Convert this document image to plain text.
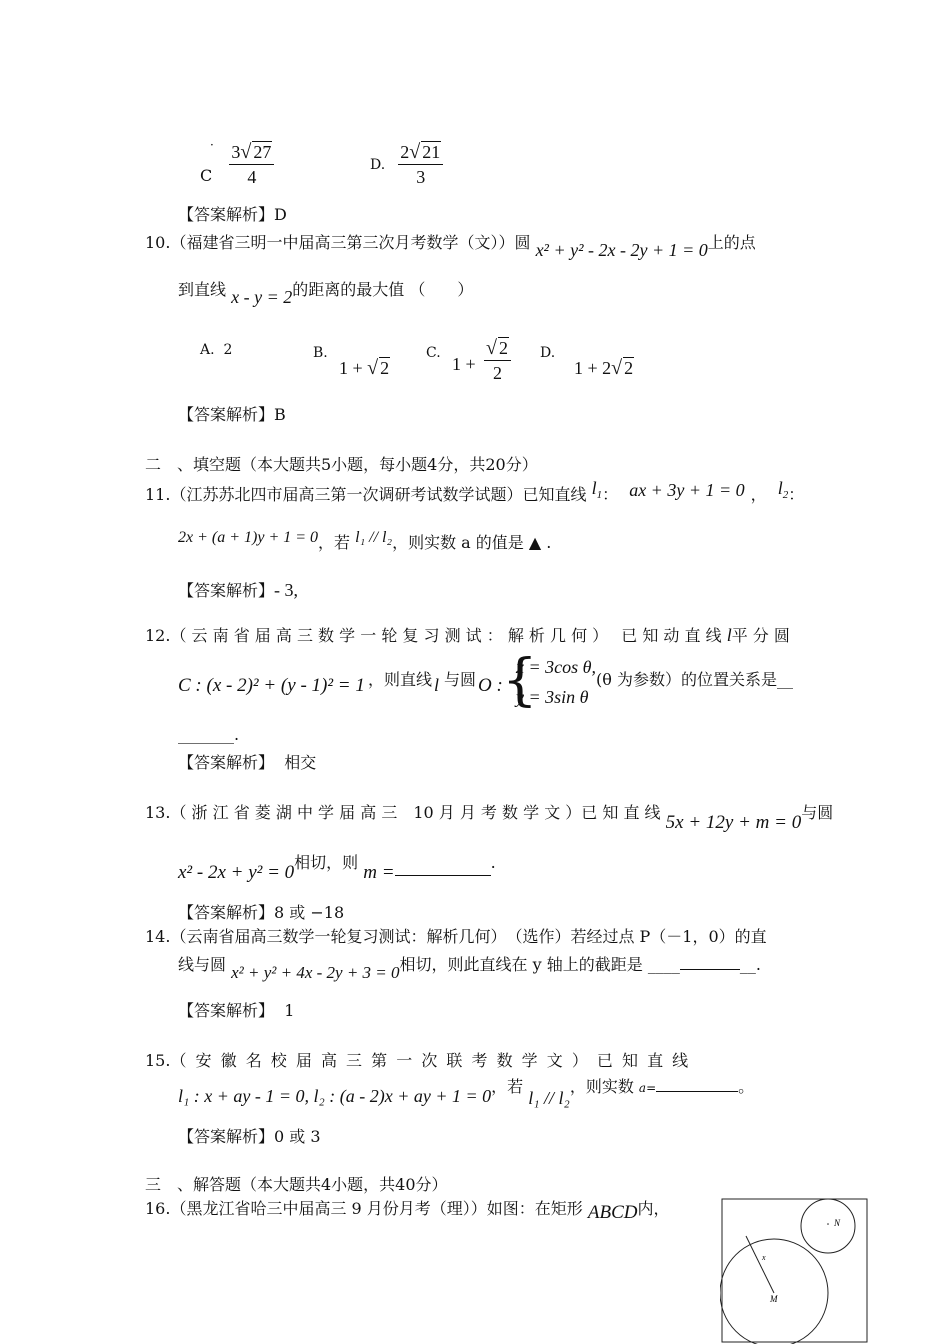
C
· $\frac{3√ 27}{4}$	D. $\frac{2√ 21}{3}$
【答案解析】D
10.（福建省三明一中届高三第三次月考数学（文））圆 x² + y² - 2x - 2y + 1 = 0上的点
到直线 x - y = 2的距离的最大值 （　　）
A. 2	B.
1 + √ 2
C.
$1 + \frac{√ 2}{2} D$.
1 + 2√ 2
【答案解析】B
二　、填空题（本大题共5小题，每小题4分，共20分）
11.（江苏苏北四市届高三第一次调研考试数学试题）已知直线 $l_1$： ax + 3y + 1 = 0 ， $l_2$：
2x + (a + 1)y + 1 = 0，若 l₁ // l₂，则实数 a 的值是 ▲ .
【答案解析】- 3,
12.（ 云 南 省 届 高 三 数 学 一 轮 复 习 测 试 ： 解 析 几 何 ）　 已 知 动 直 线 l平 分 圆
C : (x - 2)² + (y - 1)² = 1 ，则直线 l 与圆 O : {
x = 3cos θ,
y = 3sin θ
(θ 为参数）的位置关系是__
_______.
【答案解析】 相交
13.（ 浙 江 省 菱 湖 中 学 届 高 三　10 月 月 考 数 学 文 ）已 知 直 线 5x + 12y + m = 0与圆
x² - 2x + y² = 0相切，则 m =	.
【答案解析】8 或 −18
14.（云南省届高三数学一轮复习测试：解析几何）　（选作）若经过点 P（－1，0）的直
线与圆 x² + y² + 4x - 2y + 3 = 0相切，则此直线在 y 轴上的截距是 ____	__.
【答案解析】 1
15.（ 安 徽 名 校 届 高 三 第 一 次 联 考 数 学 文 ） 已 知 直 线
l₁ : x + ay - 1 = 0, l₂ : (a - 2)x + ay + 1 = 0，若 l₁ // l₂，则实数 a=	。
【答案解析】0 或 3
三　、解答题（本大题共4小题，共40分）
16.（黑龙江省哈三中届高三 9 月份月考（理））如图：在矩形 ABCD内，
N
M
x
